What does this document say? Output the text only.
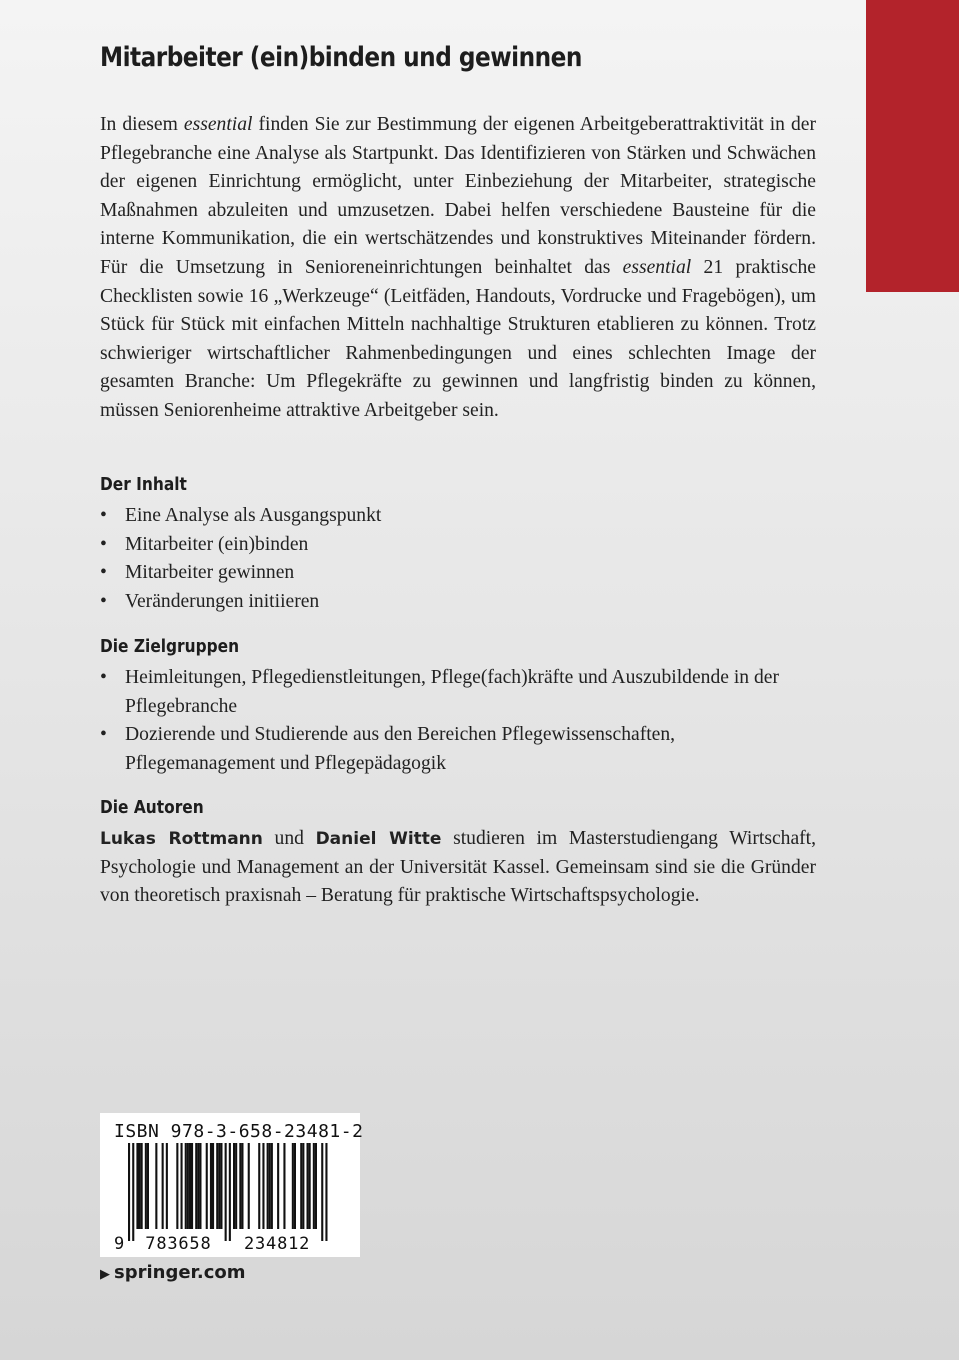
Mitarbeiter (ein)binden und gewinnen

In diesem essential finden Sie zur Bestimmung der eigenen Arbeitgeberattraktivität in der Pflegebranche eine Analyse als Startpunkt. Das Identifizieren von Stärken und Schwächen der eigenen Einrichtung ermöglicht, unter Einbeziehung der Mitarbeiter, strategische Maßnahmen abzuleiten und umzusetzen. Dabei helfen verschiedene Bausteine für die interne Kommunikation, die ein wertschätzendes und konstruktives Miteinander fördern. Für die Umsetzung in Senioreneinrichtungen beinhaltet das essential 21 praktische Checklisten sowie 16 „Werkzeuge“ (Leitfäden, Handouts, Vordrucke und Fragebögen), um Stück für Stück mit einfachen Mitteln nachhaltige Strukturen etablieren zu können. Trotz schwieriger wirtschaftlicher Rahmenbedingungen und eines schlechten Image der gesamten Branche: Um Pflegekräfte zu gewinnen und langfristig binden zu können, müssen Seniorenheime attraktive Arbeitgeber sein.

Der Inhalt
• Eine Analyse als Ausgangspunkt
• Mitarbeiter (ein)binden
• Mitarbeiter gewinnen
• Veränderungen initiieren
Die Zielgruppen
• Heimleitungen, Pflegedienstleitungen, Pflege(fach)kräfte und Auszubildende in der Pflegebranche
• Dozierende und Studierende aus den Bereichen Pflegewissenschaften, Pflegemanagement und Pflegepädagogik
Die Autoren

Lukas Rottmann und Daniel Witte studieren im Masterstudiengang Wirtschaft, Psychologie und Management an der Universität Kassel. Gemeinsam sind sie die Gründer von theoretisch praxisnah – Beratung für praktische Wirtschaftspsychologie.

ISBN 978-3-658-23481-2
9 783658 234812

▶ springer.com
